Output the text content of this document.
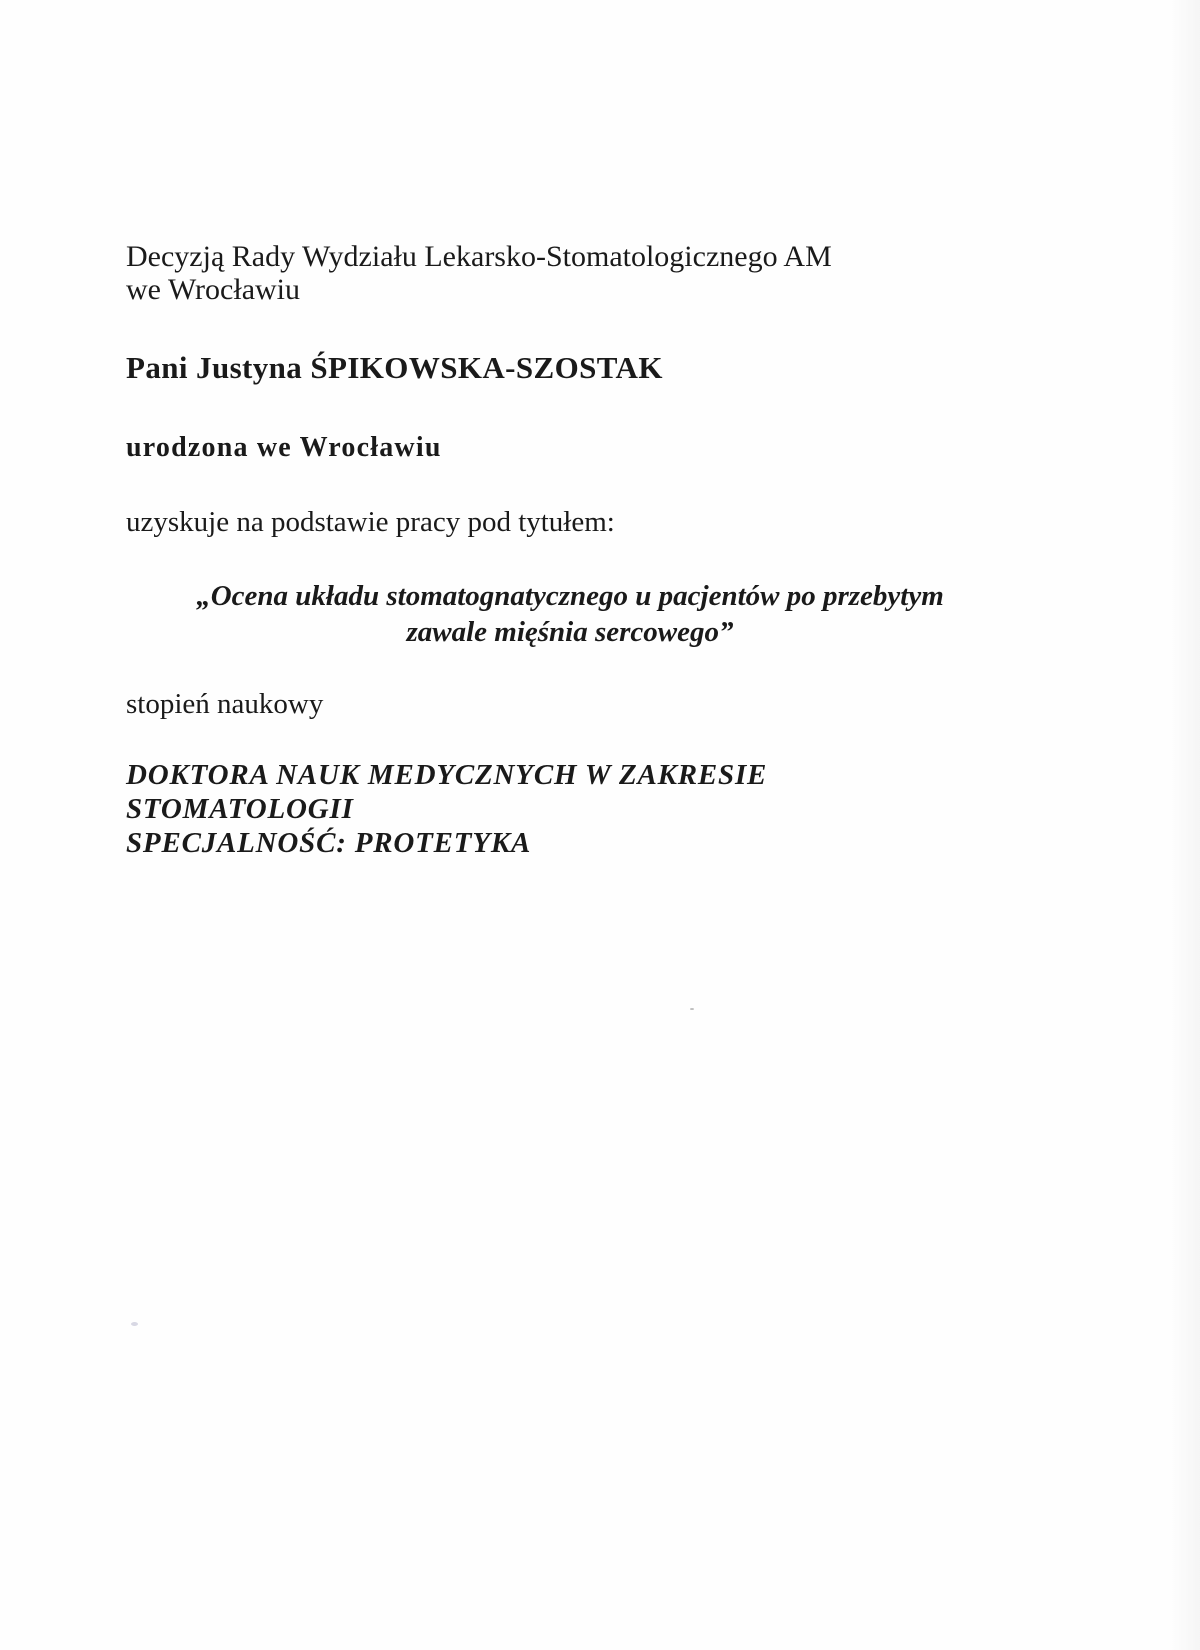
Decyzją Rady Wydziału Lekarsko-Stomatologicznego AM
we Wrocławiu
Pani Justyna ŚPIKOWSKA-SZOSTAK
urodzona we Wrocławiu
uzyskuje na podstawie pracy pod tytułem:
„Ocena układu stomatognatycznego u pacjentów po przebytym
zawale mięśnia sercowego”
stopień naukowy
DOKTORA NAUK MEDYCZNYCH W ZAKRESIE
STOMATOLOGII
SPECJALNOŚĆ: PROTETYKA
